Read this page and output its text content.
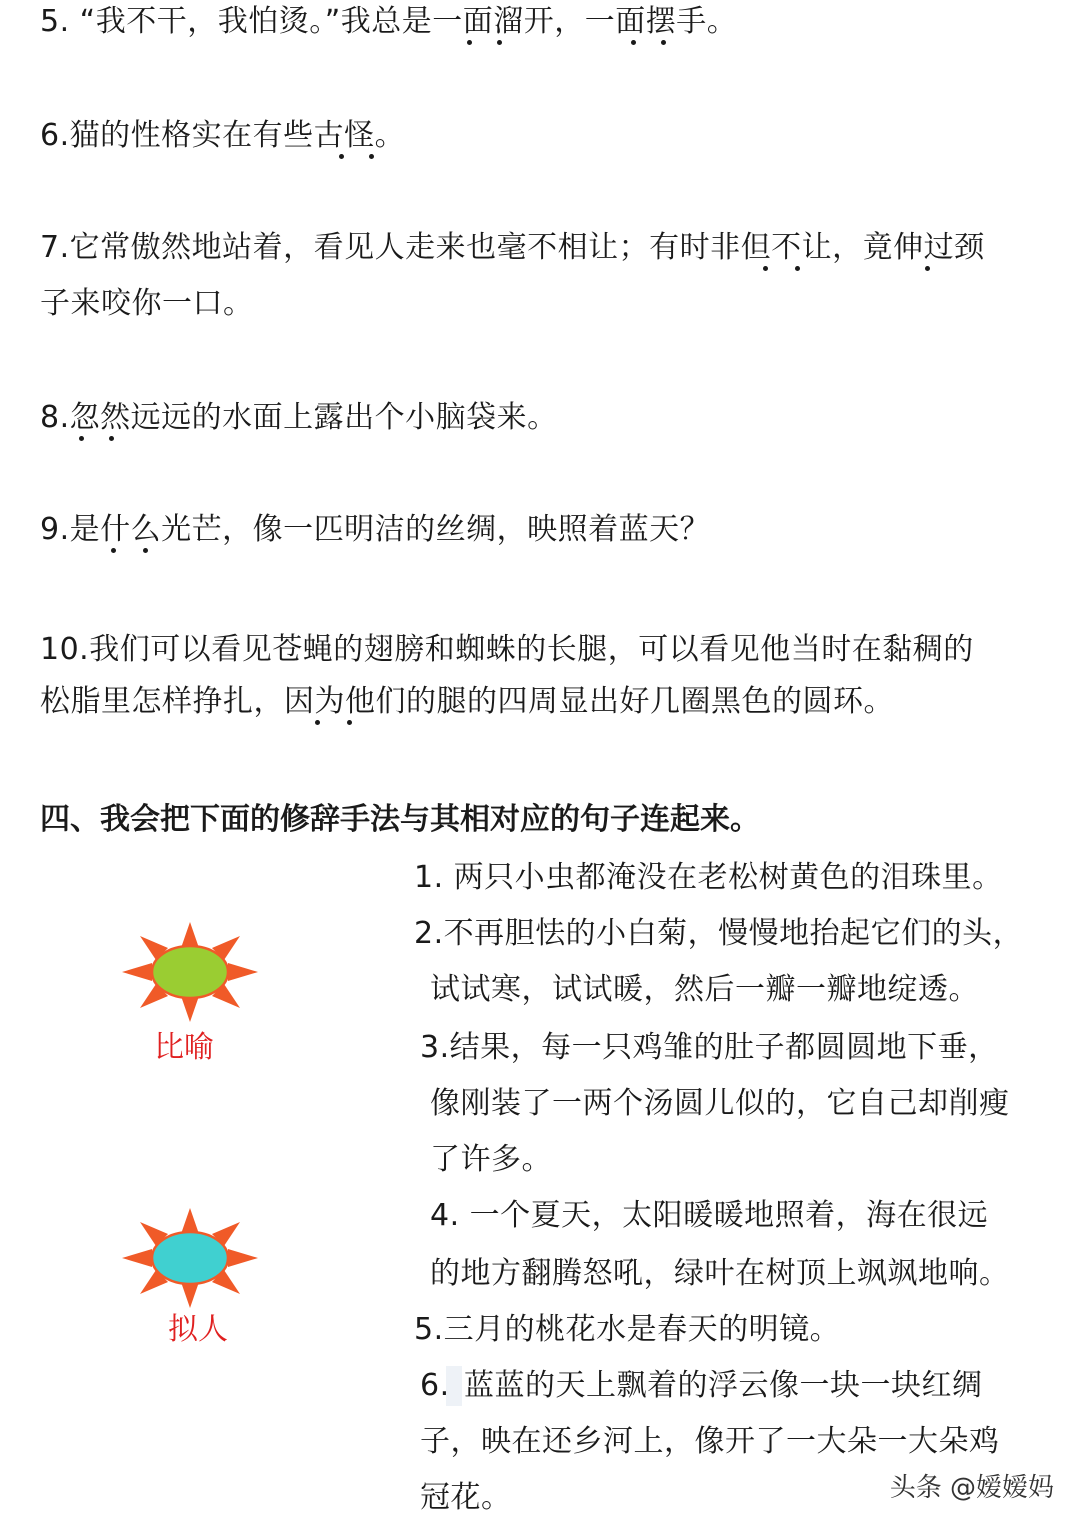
5. “我不干，我怕烫。”我总是一面溜开，一面摆手。
6.猫的性格实在有些古怪。
7.它常傲然地站着，看见人走来也毫不相让；有时非但不让，竟伸过颈
子来咬你一口。
8.忽然远远的水面上露出个小脑袋来。
9.是什么光芒，像一匹明洁的丝绸，映照着蓝天？
10.我们可以看见苍蝇的翅膀和蜘蛛的长腿，可以看见他当时在黏稠的
松脂里怎样挣扎，因为他们的腿的四周显出好几圈黑色的圆环。
四、我会把下面的修辞手法与其相对应的句子连起来。
比喻
拟人
1. 两只小虫都淹没在老松树黄色的泪珠里。
2.不再胆怯的小白菊，慢慢地抬起它们的头，
试试寒，试试暖，然后一瓣一瓣地绽透。
3.结果，每一只鸡雏的肚子都圆圆地下垂，
像刚装了一两个汤圆儿似的，它自己却削瘦
了许多。
4. 一个夏天，太阳暖暖地照着，海在很远
的地方翻腾怒吼，绿叶在树顶上飒飒地响。
5.三月的桃花水是春天的明镜。
6. 蓝蓝的天上飘着的浮云像一块一块红绸
子，映在还乡河上，像开了一大朵一大朵鸡
冠花。	头条 @嫒嫒妈
